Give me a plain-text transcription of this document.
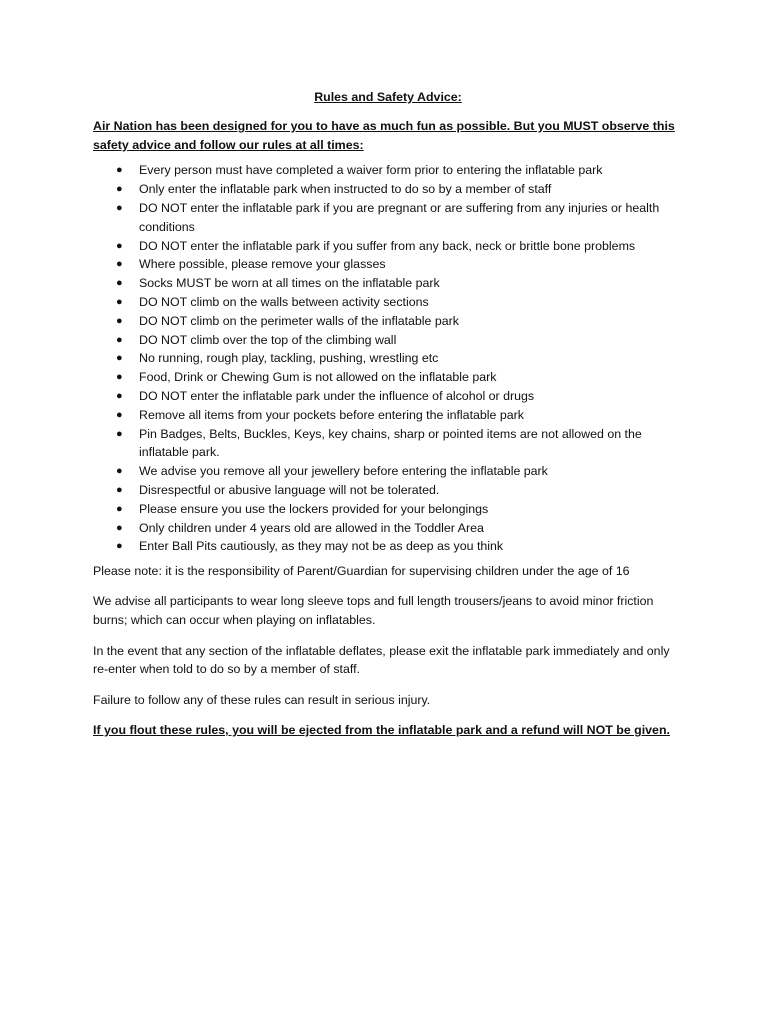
Rules and Safety Advice:
Air Nation has been designed for you to have as much fun as possible. But you MUST observe this safety advice and follow our rules at all times:
● Every person must have completed a waiver form prior to entering the inflatable park
● Only enter the inflatable park when instructed to do so by a member of staff
● DO NOT enter the inflatable park if you are pregnant or are suffering from any injuries or health conditions
● DO NOT enter the inflatable park if you suffer from any back, neck or brittle bone problems
● Where possible, please remove your glasses
● Socks MUST be worn at all times on the inflatable park
● DO NOT climb on the walls between activity sections
● DO NOT climb on the perimeter walls of the inflatable park
● DO NOT climb over the top of the climbing wall
● No running, rough play, tackling, pushing, wrestling etc
● Food, Drink or Chewing Gum is not allowed on the inflatable park
● DO NOT enter the inflatable park under the influence of alcohol or drugs
● Remove all items from your pockets before entering the inflatable park
● Pin Badges, Belts, Buckles, Keys, key chains, sharp or pointed items are not allowed on the inflatable park.
● We advise you remove all your jewellery before entering the inflatable park
● Disrespectful or abusive language will not be tolerated.
● Please ensure you use the lockers provided for your belongings
● Only children under 4 years old are allowed in the Toddler Area
● Enter Ball Pits cautiously, as they may not be as deep as you think

Please note: it is the responsibility of Parent/Guardian for supervising children under the age of 16

We advise all participants to wear long sleeve tops and full length trousers/jeans to avoid minor friction burns; which can occur when playing on inflatables.

In the event that any section of the inflatable deflates, please exit the inflatable park immediately and only re-enter when told to do so by a member of staff.

Failure to follow any of these rules can result in serious injury.

If you flout these rules, you will be ejected from the inflatable park and a refund will NOT be given.
